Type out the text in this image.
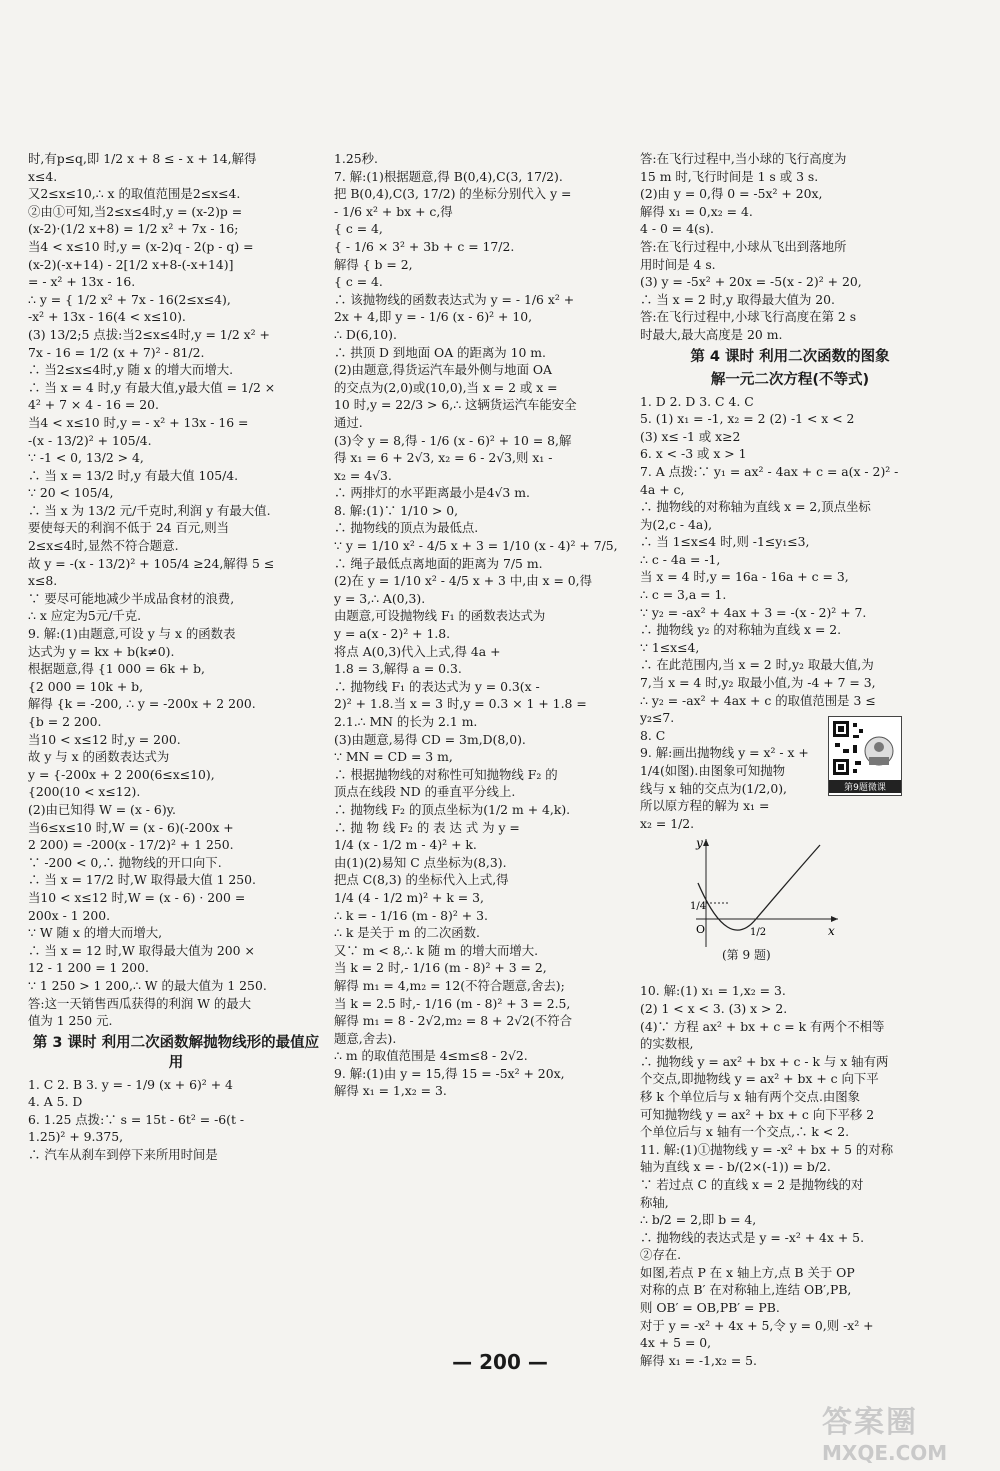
时,有p≤q,即 1/2 x + 8 ≤ - x + 14,解得

x≤4.

又2≤x≤10,∴ x 的取值范围是2≤x≤4.

②由①可知,当2≤x≤4时,y = (x-2)p =

(x-2)·(1/2 x+8) = 1/2 x² + 7x - 16;

当4 < x≤10 时,y = (x-2)q - 2(p - q) =

(x-2)(-x+14) - 2[1/2 x+8-(-x+14)]

= - x² + 13x - 16.

∴ y = { 1/2 x² + 7x - 16(2≤x≤4),

-x² + 13x - 16(4 < x≤10).

(3) 13/2;5 点拔:当2≤x≤4时,y = 1/2 x² +

7x - 16 = 1/2 (x + 7)² - 81/2.

∴ 当2≤x≤4时,y 随 x 的增大而增大.

∴ 当 x = 4 时,y 有最大值,y最大值 = 1/2 ×

4² + 7 × 4 - 16 = 20.

当4 < x≤10 时,y = - x² + 13x - 16 =

-(x - 13/2)² + 105/4.

∵ -1 < 0, 13/2 > 4,

∴ 当 x = 13/2 时,y 有最大值 105/4.

∵ 20 < 105/4,

∴ 当 x 为 13/2 元/千克时,利润 y 有最大值.

要使每天的利润不低于 24 百元,则当

2≤x≤4时,显然不符合题意.

故 y = -(x - 13/2)² + 105/4 ≥24,解得 5 ≤

x≤8.

∵ 要尽可能地减少半成品食材的浪费,

∴ x 应定为5元/千克.

9. 解:(1)由题意,可设 y 与 x 的函数表

达式为 y = kx + b(k≠0).

根据题意,得 {1 000 = 6k + b,

{2 000 = 10k + b,

解得 {k = -200, ∴ y = -200x + 2 200.

{b = 2 200.

当10 < x≤12 时,y = 200.

故 y 与 x 的函数表达式为

y = {-200x + 2 200(6≤x≤10),

{200(10 < x≤12).

(2)由已知得 W = (x - 6)y.

当6≤x≤10 时,W = (x - 6)(-200x +

2 200) = -200(x - 17/2)² + 1 250.

∵ -200 < 0,∴ 抛物线的开口向下.

∴ 当 x = 17/2 时,W 取得最大值 1 250.

当10 < x≤12 时,W = (x - 6) · 200 =

200x - 1 200.

∵ W 随 x 的增大而增大,

∴ 当 x = 12 时,W 取得最大值为 200 ×

12 - 1 200 = 1 200.

∵ 1 250 > 1 200,∴ W 的最大值为 1 250.

答:这一天销售西瓜获得的利润 W 的最大

值为 1 250 元.

第 3 课时 利用二次函数解抛物线形的最值应用

1. C 2. B 3. y = - 1/9 (x + 6)² + 4

4. A 5. D

6. 1.25 点拨:∵ s = 15t - 6t² = -6(t -

1.25)² + 9.375,

∴ 汽车从刹车到停下来所用时间是

1.25秒.

7. 解:(1)根据题意,得 B(0,4),C(3, 17/2).

把 B(0,4),C(3, 17/2) 的坐标分别代入 y =

- 1/6 x² + bx + c,得

{ c = 4,

{ - 1/6 × 3² + 3b + c = 17/2.

解得 { b = 2,

{ c = 4.

∴ 该抛物线的函数表达式为 y = - 1/6 x² +

2x + 4,即 y = - 1/6 (x - 6)² + 10,

∴ D(6,10).

∴ 拱顶 D 到地面 OA 的距离为 10 m.

(2)由题意,得货运汽车最外侧与地面 OA

的交点为(2,0)或(10,0),当 x = 2 或 x =

10 时,y = 22/3 > 6,∴ 这辆货运汽车能安全

通过.

(3)令 y = 8,得 - 1/6 (x - 6)² + 10 = 8,解

得 x₁ = 6 + 2√3, x₂ = 6 - 2√3,则 x₁ -

x₂ = 4√3.

∴ 两排灯的水平距离最小是4√3 m.

8. 解:(1)∵ 1/10 > 0,

∴ 抛物线的顶点为最低点.

∵ y = 1/10 x² - 4/5 x + 3 = 1/10 (x - 4)² + 7/5,

∴ 绳子最低点离地面的距离为 7/5 m.

(2)在 y = 1/10 x² - 4/5 x + 3 中,由 x = 0,得

y = 3,∴ A(0,3).

由题意,可设抛物线 F₁ 的函数表达式为

y = a(x - 2)² + 1.8.

将点 A(0,3)代入上式,得 4a +

1.8 = 3,解得 a = 0.3.

∴ 抛物线 F₁ 的表达式为 y = 0.3(x -

2)² + 1.8.当 x = 3 时,y = 0.3 × 1 + 1.8 =

2.1.∴ MN 的长为 2.1 m.

(3)由题意,易得 CD = 3m,D(8,0).

∵ MN = CD = 3 m,

∴ 根据抛物线的对称性可知抛物线 F₂ 的

顶点在线段 ND 的垂直平分线上.

∴ 抛物线 F₂ 的顶点坐标为(1/2 m + 4,k).

∴ 抛 物 线 F₂ 的 表 达 式 为 y =

1/4 (x - 1/2 m - 4)² + k.

由(1)(2)易知 C 点坐标为(8,3).

把点 C(8,3) 的坐标代入上式,得

1/4 (4 - 1/2 m)² + k = 3,

∴ k = - 1/16 (m - 8)² + 3.

∴ k 是关于 m 的二次函数.

又∵ m < 8,∴ k 随 m 的增大而增大.

当 k = 2 时,- 1/16 (m - 8)² + 3 = 2,

解得 m₁ = 4,m₂ = 12(不符合题意,舍去);

当 k = 2.5 时,- 1/16 (m - 8)² + 3 = 2.5,

解得 m₁ = 8 - 2√2,m₂ = 8 + 2√2(不符合

题意,舍去).

∴ m 的取值范围是 4≤m≤8 - 2√2.

9. 解:(1)由 y = 15,得 15 = -5x² + 20x,

解得 x₁ = 1,x₂ = 3.

答:在飞行过程中,当小球的飞行高度为

15 m 时,飞行时间是 1 s 或 3 s.

(2)由 y = 0,得 0 = -5x² + 20x,

解得 x₁ = 0,x₂ = 4.

4 - 0 = 4(s).

答:在飞行过程中,小球从飞出到落地所

用时间是 4 s.

(3) y = -5x² + 20x = -5(x - 2)² + 20,

∴ 当 x = 2 时,y 取得最大值为 20.

答:在飞行过程中,小球飞行高度在第 2 s

时最大,最大高度是 20 m.

第 4 课时 利用二次函数的图象
解一元二次方程(不等式)

1. D 2. D 3. C 4. C

5. (1) x₁ = -1, x₂ = 2 (2) -1 < x < 2

(3) x≤ -1 或 x≥2

6. x < -3 或 x > 1

7. A 点拨:∵ y₁ = ax² - 4ax + c = a(x - 2)² -

4a + c,

∴ 抛物线的对称轴为直线 x = 2,顶点坐标

为(2,c - 4a),

∴ 当 1≤x≤4 时,则 -1≤y₁≤3,

∴ c - 4a = -1,

当 x = 4 时,y = 16a - 16a + c = 3,

∴ c = 3,a = 1.

∵ y₂ = -ax² + 4ax + 3 = -(x - 2)² + 7.

∴ 抛物线 y₂ 的对称轴为直线 x = 2.

∵ 1≤x≤4,

∴ 在此范围内,当 x = 2 时,y₂ 取最大值,为

7,当 x = 4 时,y₂ 取最小值,为 -4 + 7 = 3,

∴ y₂ = -ax² + 4ax + c 的取值范围是 3 ≤

y₂≤7.

8. C

9. 解:画出抛物线 y = x² - x +

1/4(如图).由图象可知抛物

线与 x 轴的交点为(1/2,0),

所以原方程的解为 x₁ =

x₂ = 1/2.

10. 解:(1) x₁ = 1,x₂ = 3.

(2) 1 < x < 3. (3) x > 2.

(4)∵ 方程 ax² + bx + c = k 有两个不相等

的实数根,

∴ 抛物线 y = ax² + bx + c - k 与 x 轴有两

个交点,即抛物线 y = ax² + bx + c 向下平

移 k 个单位后与 x 轴有两个交点.由图象

可知抛物线 y = ax² + bx + c 向下平移 2

个单位后与 x 轴有一个交点,∴ k < 2.

11. 解:(1)①抛物线 y = -x² + bx + 5 的对称

轴为直线 x = - b/(2×(-1)) = b/2.

∵ 若过点 C 的直线 x = 2 是抛物线的对

称轴,

∴ b/2 = 2,即 b = 4,

∴ 抛物线的表达式是 y = -x² + 4x + 5.

②存在.

如图,若点 P 在 x 轴上方,点 B 关于 OP

对称的点 B′ 在对称轴上,连结 OB′,PB,

则 OB′ = OB,PB′ = PB.

对于 y = -x² + 4x + 5,令 y = 0,则 -x² +

4x + 5 = 0,

解得 x₁ = -1,x₂ = 5.

第9题微课
y
x
O
1/4
1/2
(第 9 题)
— 200 —
答案圈
MXQE.COM
